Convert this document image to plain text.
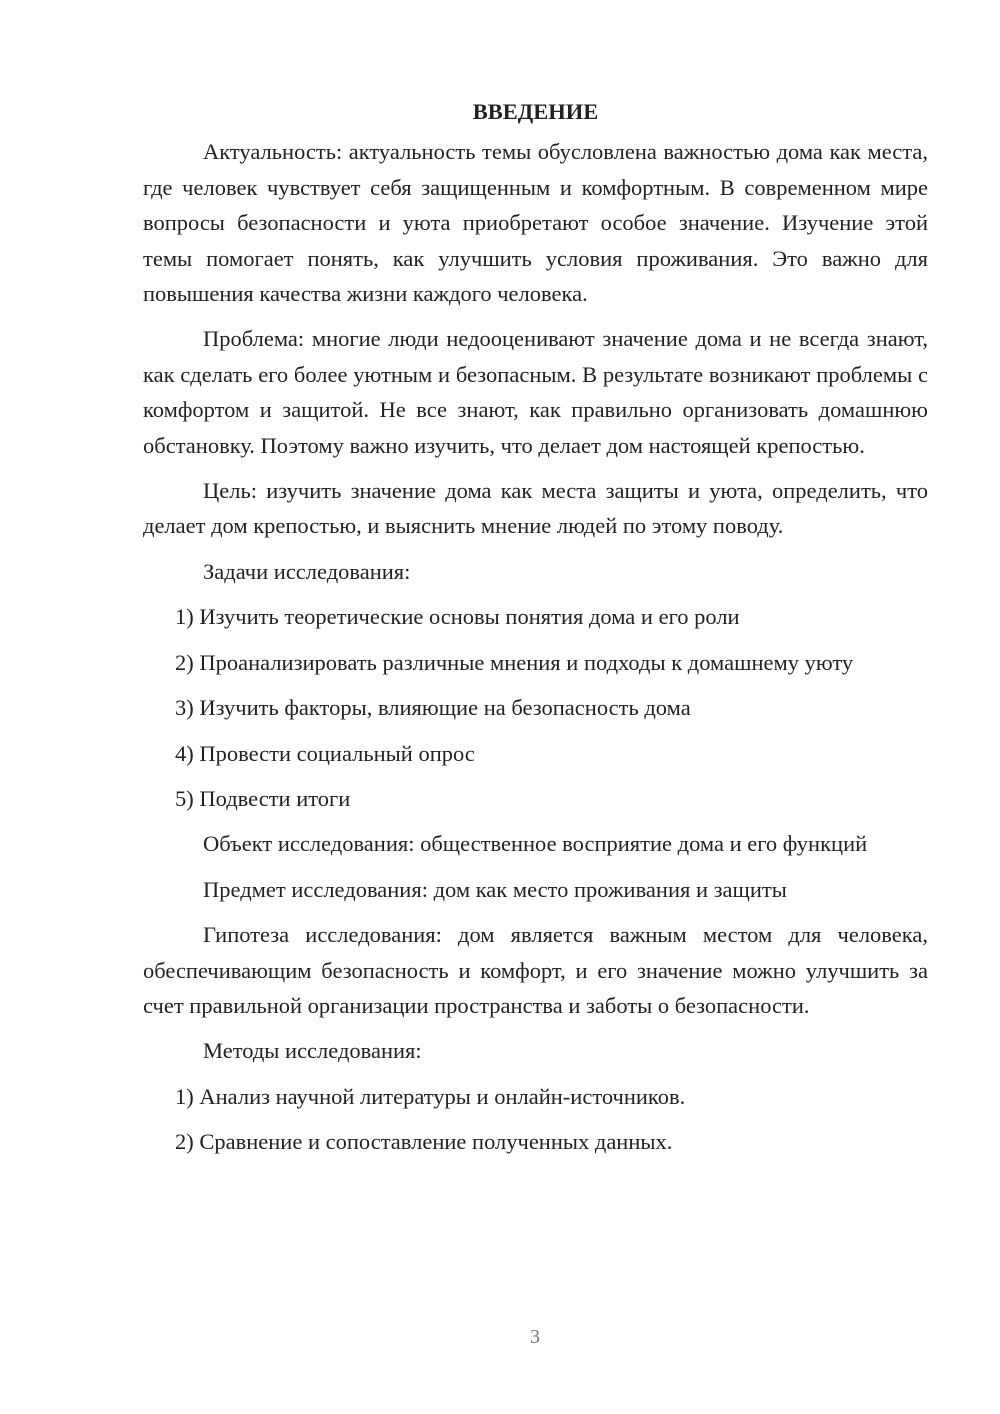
ВВЕДЕНИЕ

Актуальность: актуальность темы обусловлена важностью дома как места, где человек чувствует себя защищенным и комфортным. В современном мире вопросы безопасности и уюта приобретают особое значение. Изучение этой темы помогает понять, как улучшить условия проживания. Это важно для повышения качества жизни каждого человека.

Проблема: многие люди недооценивают значение дома и не всегда знают, как сделать его более уютным и безопасным. В результате возникают проблемы с комфортом и защитой. Не все знают, как правильно организовать домашнюю обстановку. Поэтому важно изучить, что делает дом настоящей крепостью.

Цель: изучить значение дома как места защиты и уюта, определить, что делает дом крепостью, и выяснить мнение людей по этому поводу.

Задачи исследования:

1) Изучить теоретические основы понятия дома и его роли
2) Проанализировать различные мнения и подходы к домашнему уюту
3) Изучить факторы, влияющие на безопасность дома
4) Провести социальный опрос
5) Подвести итоги

Объект исследования: общественное восприятие дома и его функций

Предмет исследования: дом как место проживания и защиты

Гипотеза исследования: дом является важным местом для человека, обеспечивающим безопасность и комфорт, и его значение можно улучшить за счет правильной организации пространства и заботы о безопасности.

Методы исследования:

1) Анализ научной литературы и онлайн-источников.
2) Сравнение и сопоставление полученных данных.
3
